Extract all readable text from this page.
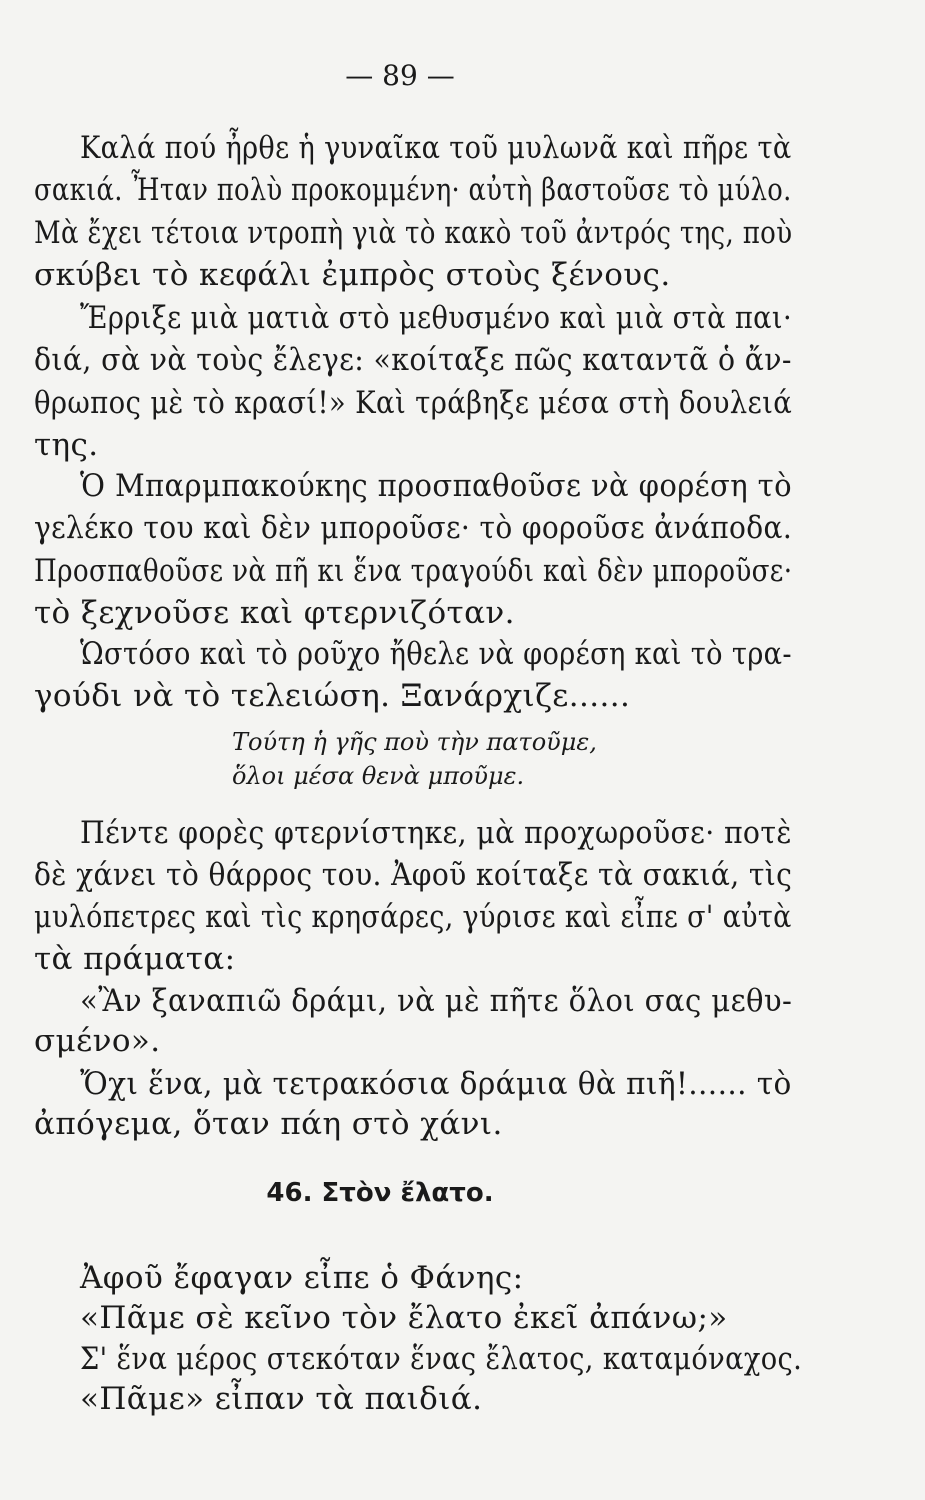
— 89 —
Καλά πού ἦρθε ἡ γυναῖκα τοῦ μυλωνᾶ καὶ πῆρε τὰ
σακιά. Ἦταν πολὺ προκομμένη· αὐτὴ βαστοῦσε τὸ μύλο.
Μὰ ἔχει τέτοια ντροπὴ γιὰ τὸ κακὸ τοῦ ἀντρός της, ποὺ
σκύβει τὸ κεφάλι ἐμπρὸς στοὺς ξένους.
Ἔρριξε μιὰ ματιὰ στὸ μεθυσμένο καὶ μιὰ στὰ παι·
διά, σὰ νὰ τοὺς ἔλεγε: «κοίταξε πῶς καταντᾶ ὁ ἄν-
θρωπος μὲ τὸ κρασί!» Καὶ τράβηξε μέσα στὴ δουλειά
της.
Ὁ Μπαρμπακούκης προσπαθοῦσε νὰ φορέση τὸ
γελέκο του καὶ δὲν μποροῦσε· τὸ φοροῦσε ἀνάποδα.
Προσπαθοῦσε νὰ πῆ κι ἕνα τραγούδι καὶ δὲν μποροῦσε·
τὸ ξεχνοῦσε καὶ φτερνιζόταν.
Ὡστόσο καὶ τὸ ροῦχο ἤθελε νὰ φορέση καὶ τὸ τρα-
γούδι νὰ τὸ τελειώση. Ξανάρχιζε......
Τούτη ἡ γῆς ποὺ τὴν πατοῦμε,
ὅλοι μέσα θενὰ μποῦμε.
Πέντε φορὲς φτερνίστηκε, μὰ προχωροῦσε· ποτὲ
δὲ χάνει τὸ θάρρος του. Ἀφοῦ κοίταξε τὰ σακιά, τὶς
μυλόπετρες καὶ τὶς κρησάρες, γύρισε καὶ εἶπε σ' αὐτὰ
τὰ πράματα:
«Ἂν ξαναπιῶ δράμι, νὰ μὲ πῆτε ὅλοι σας μεθυ-
σμένο».
Ὄχι ἕνα, μὰ τετρακόσια δράμια θὰ πιῆ!...... τὸ
ἀπόγεμα, ὅταν πάη στὸ χάνι.
46. Στὸν ἔλατο.
Ἀφοῦ ἔφαγαν εἶπε ὁ Φάνης:
«Πᾶμε σὲ κεῖνο τὸν ἔλατο ἐκεῖ ἀπάνω;»
Σ' ἕνα μέρος στεκόταν ἕνας ἔλατος, καταμόναχος.
«Πᾶμε» εἶπαν τὰ παιδιά.
